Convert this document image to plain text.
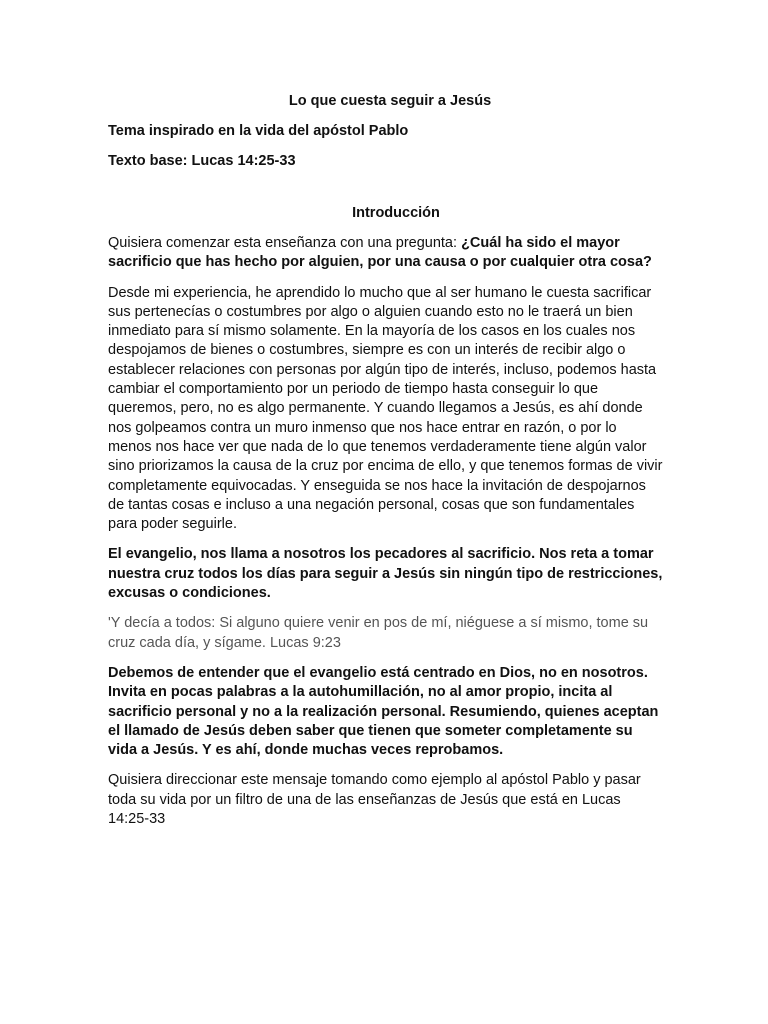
Lo que cuesta seguir a Jesús
Tema inspirado en la vida del apóstol Pablo
Texto base: Lucas 14:25-33
Introducción

Quisiera comenzar esta enseñanza con una pregunta: ¿Cuál ha sido el mayor sacrificio que has hecho por alguien, por una causa o por cualquier otra cosa?

Desde mi experiencia, he aprendido lo mucho que al ser humano le cuesta sacrificar sus pertenecías o costumbres por algo o alguien cuando esto no le traerá un bien inmediato para sí mismo solamente. En la mayoría de los casos en los cuales nos despojamos de bienes o costumbres, siempre es con un interés de recibir algo o establecer relaciones con personas por algún tipo de interés, incluso, podemos hasta cambiar el comportamiento por un periodo de tiempo hasta conseguir lo que queremos, pero, no es algo permanente. Y cuando llegamos a Jesús, es ahí donde nos golpeamos contra un muro inmenso que nos hace entrar en razón, o por lo menos nos hace ver que nada de lo que tenemos verdaderamente tiene algún valor sino priorizamos la causa de la cruz por encima de ello, y que tenemos formas de vivir completamente equivocadas. Y enseguida se nos hace la invitación de despojarnos de tantas cosas e incluso a una negación personal, cosas que son fundamentales para poder seguirle.

El evangelio, nos llama a nosotros los pecadores al sacrificio. Nos reta a tomar nuestra cruz todos los días para seguir a Jesús sin ningún tipo de restricciones, excusas o condiciones.

'Y decía a todos: Si alguno quiere venir en pos de mí, niéguese a sí mismo, tome su cruz cada día, y sígame. Lucas 9:23

Debemos de entender que el evangelio está centrado en Dios, no en nosotros. Invita en pocas palabras a la autohumillación, no al amor propio, incita al sacrificio personal y no a la realización personal. Resumiendo, quienes aceptan el llamado de Jesús deben saber que tienen que someter completamente su vida a Jesús. Y es ahí, donde muchas veces reprobamos.

Quisiera direccionar este mensaje tomando como ejemplo al apóstol Pablo y pasar toda su vida por un filtro de una de las enseñanzas de Jesús que está en Lucas 14:25-33
